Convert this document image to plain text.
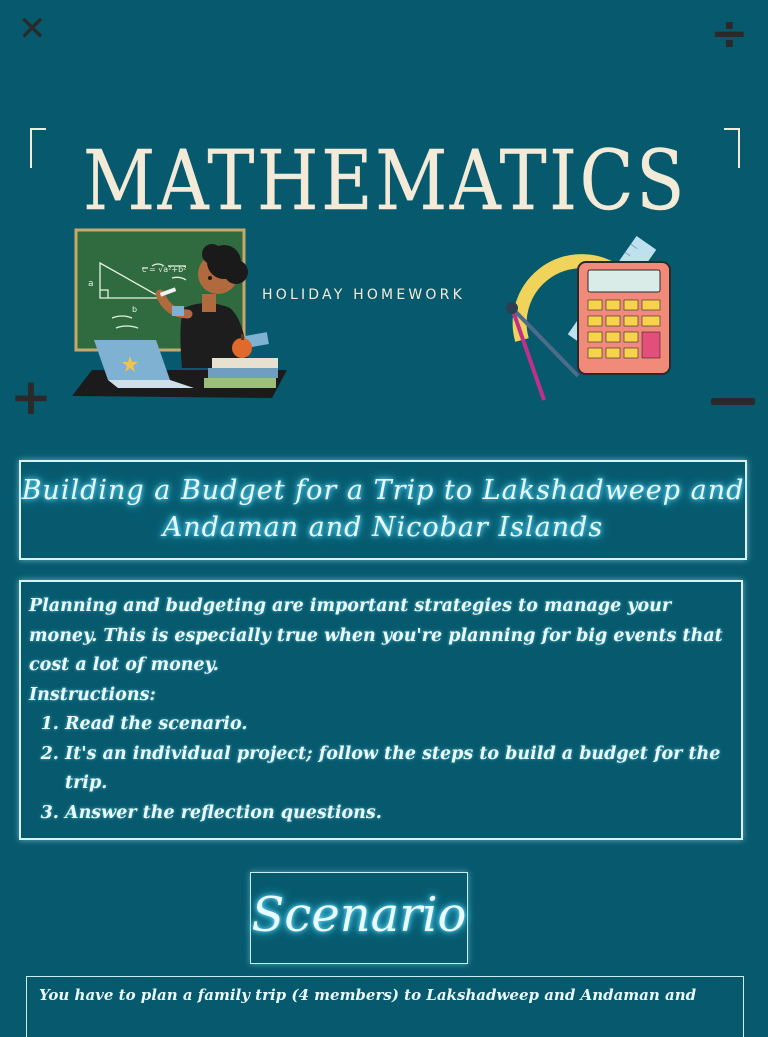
✕	÷
+
MATHEMATICS
a
b
c = √a²+b²
HOLIDAY HOMEWORK
Building a Budget for a Trip to Lakshadweep and Andaman and Nicobar Islands
Planning and budgeting are important strategies to manage your money. This is especially true when you're planning for big events that cost a lot of money.
Instructions:
1. Read the scenario.
2. It's an individual project; follow the steps to build a budget for the trip.
3. Answer the reflection questions.
Scenario
You have to plan a family trip (4 members) to Lakshadweep and Andaman and
